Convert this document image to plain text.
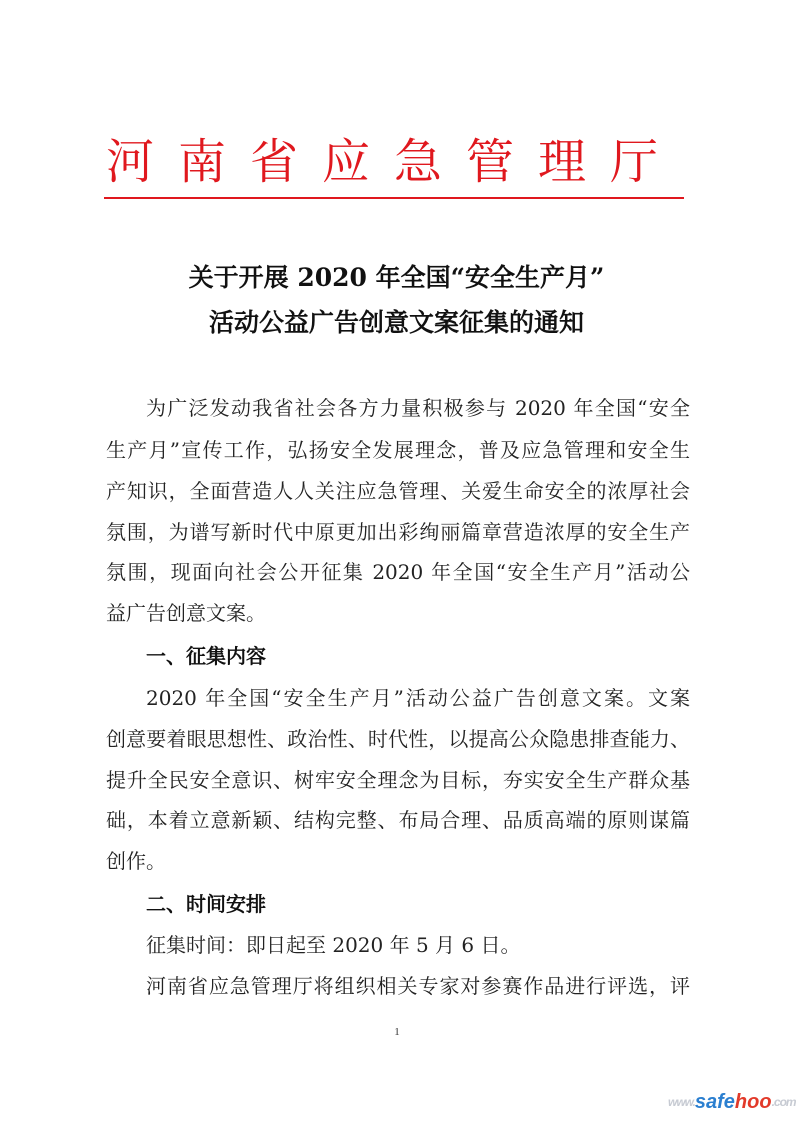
河南省应急管理厅
关于开展 2020 年全国“安全生产月”
活动公益广告创意文案征集的通知
为广泛发动我省社会各方力量积极参与 2020 年全国“安全
生产月”宣传工作，弘扬安全发展理念，普及应急管理和安全生
产知识，全面营造人人关注应急管理、关爱生命安全的浓厚社会
氛围，为谱写新时代中原更加出彩绚丽篇章营造浓厚的安全生产
氛围，现面向社会公开征集 2020 年全国“安全生产月”活动公
益广告创意文案。
一、征集内容
2020 年全国“安全生产月”活动公益广告创意文案。文案
创意要着眼思想性、政治性、时代性，以提高公众隐患排查能力、
提升全民安全意识、树牢安全理念为目标，夯实安全生产群众基
础，本着立意新颖、结构完整、布局合理、品质高端的原则谋篇
创作。
二、时间安排
征集时间：即日起至 2020 年 5 月 6 日。
河南省应急管理厅将组织相关专家对参赛作品进行评选，评
1
www.safehoo.com
